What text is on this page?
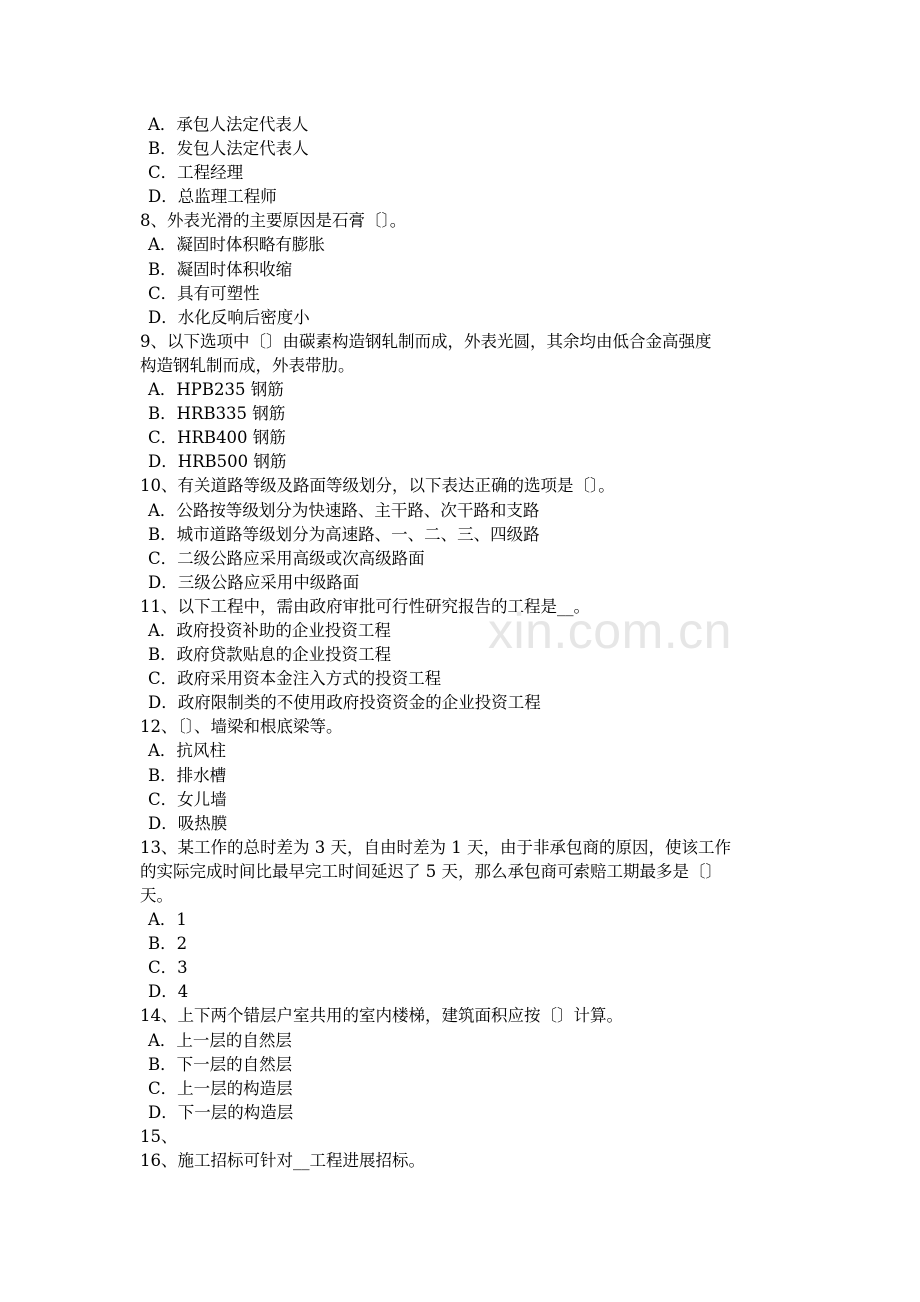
A．承包人法定代表人
B．发包人法定代表人
C．工程经理
D．总监理工程师
8、外表光滑的主要原因是石膏〔〕。
A．凝固时体积略有膨胀
B．凝固时体积收缩
C．具有可塑性
D．水化反响后密度小
9、以下选项中〔〕由碳素构造钢轧制而成，外表光圆，其余均由低合金高强度
构造钢轧制而成，外表带肋。
A．HPB235 钢筋
B．HRB335 钢筋
C．HRB400 钢筋
D．HRB500 钢筋
10、有关道路等级及路面等级划分，以下表达正确的选项是〔〕。
A．公路按等级划分为快速路、主干路、次干路和支路
B．城市道路等级划分为高速路、一、二、三、四级路
C．二级公路应采用高级或次高级路面
D．三级公路应采用中级路面
11、以下工程中，需由政府审批可行性研究报告的工程是__。
A．政府投资补助的企业投资工程
B．政府贷款贴息的企业投资工程
C．政府采用资本金注入方式的投资工程
D．政府限制类的不使用政府投资资金的企业投资工程
12、〔〕、墙梁和根底梁等。
A．抗风柱
B．排水槽
C．女儿墙
D．吸热膜
13、某工作的总时差为 3 天，自由时差为 1 天，由于非承包商的原因，使该工作
的实际完成时间比最早完工时间延迟了 5 天，那么承包商可索赔工期最多是〔〕
天。
A．1
B．2
C．3
D．4
14、上下两个错层户室共用的室内楼梯，建筑面积应按〔〕计算。
A．上一层的自然层
B．下一层的自然层
C．上一层的构造层
D．下一层的构造层
15、
16、施工招标可针对__工程进展招标。
xin.com.cn
